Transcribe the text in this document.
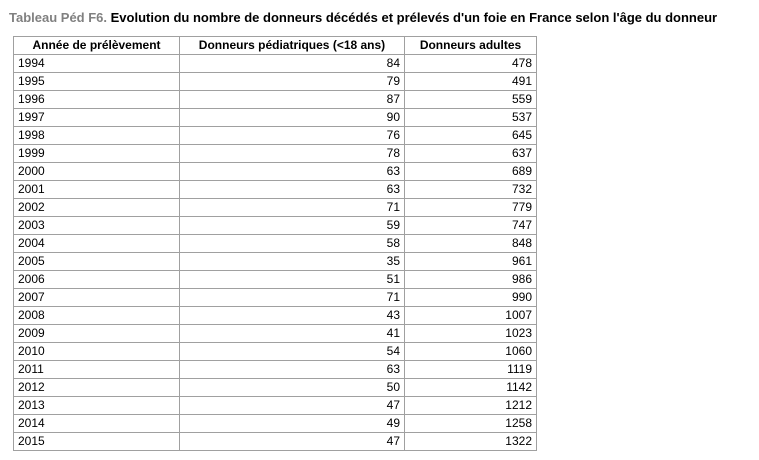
Tableau Péd F6. Evolution du nombre de donneurs décédés et prélevés d'un foie en France selon l'âge du donneur
Année de prélèvement	Donneurs pédiatriques (<18 ans)	Donneurs adultes
1994	84	478
1995	79	491
1996	87	559
1997	90	537
1998	76	645
1999	78	637
2000	63	689
2001	63	732
2002	71	779
2003	59	747
2004	58	848
2005	35	961
2006	51	986
2007	71	990
2008	43	1007
2009	41	1023
2010	54	1060
2011	63	1119
2012	50	1142
2013	47	1212
2014	49	1258
2015	47	1322
